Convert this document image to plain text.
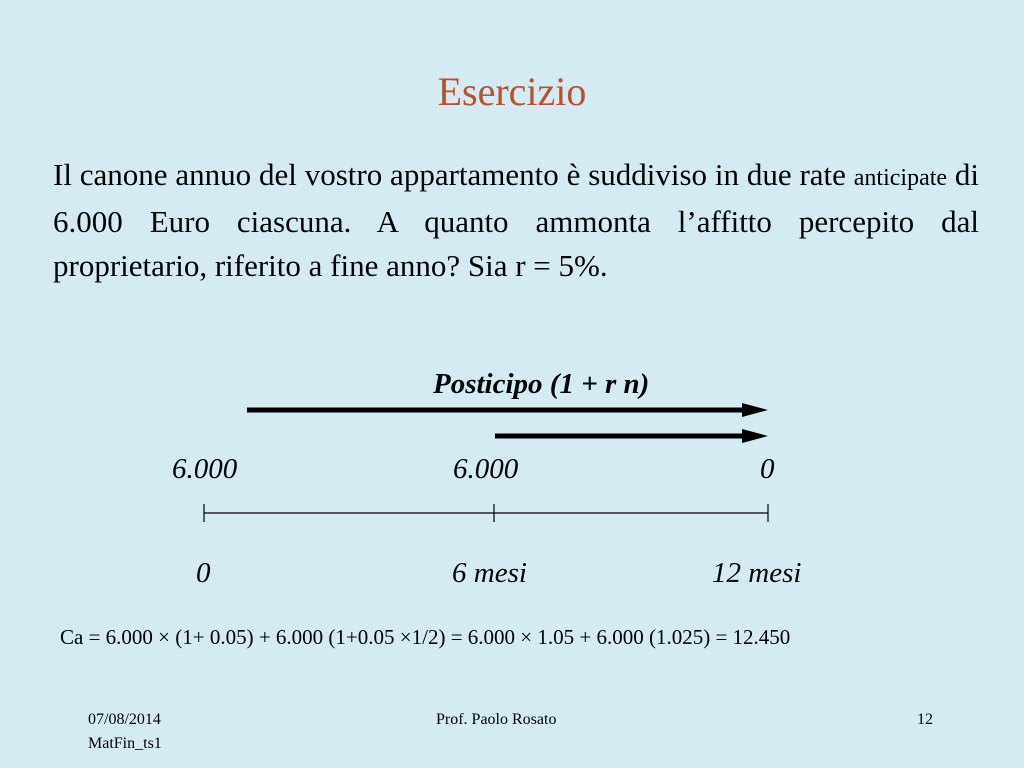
Esercizio
Il canone annuo del vostro appartamento è suddiviso in due rate anticipate di 6.000 Euro ciascuna. A quanto ammonta l’affitto percepito dal proprietario, riferito a fine anno? Sia r = 5%.
Posticipo (1 + r n)
6.000	6.000	0
0	6 mesi	12 mesi
Ca = 6.000 × (1+ 0.05) + 6.000 (1+0.05 ×1/2) = 6.000 × 1.05 + 6.000 (1.025) = 12.450
07/08/2014
MatFin_ts1
Prof. Paolo Rosato	12
